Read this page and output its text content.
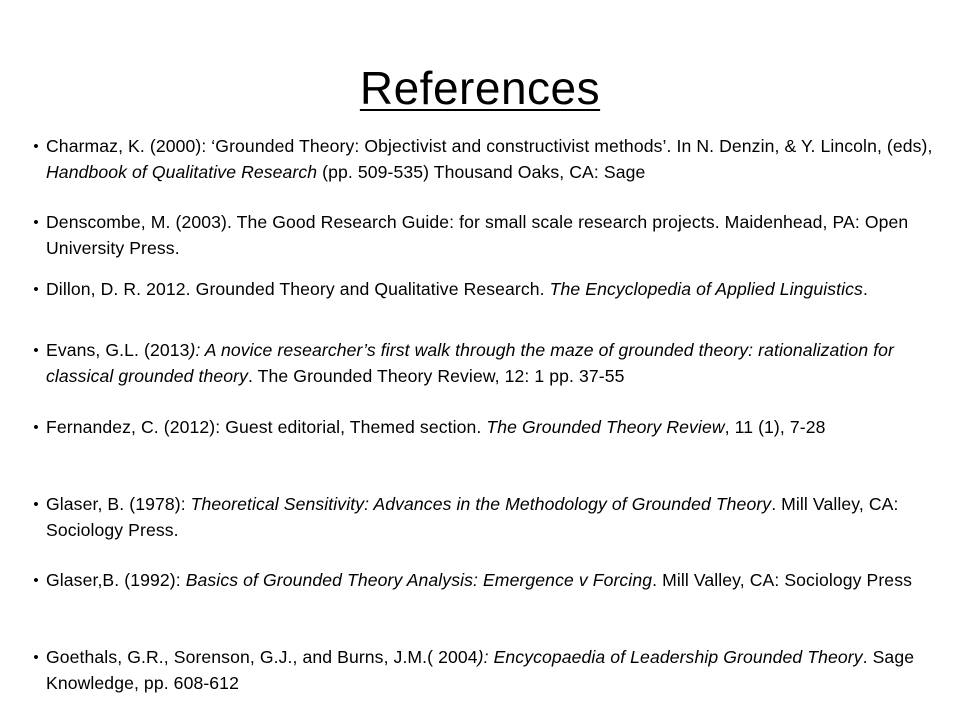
References
• Charmaz, K. (2000): ‘Grounded Theory: Objectivist and constructivist methods’. In N. Denzin, & Y. Lincoln, (eds), Handbook of Qualitative Research (pp. 509-535) Thousand Oaks, CA: Sage
• Denscombe, M. (2003). The Good Research Guide: for small scale research projects. Maidenhead, PA: Open University Press.
• Dillon, D. R. 2012. Grounded Theory and Qualitative Research. The Encyclopedia of Applied Linguistics.
• Evans, G.L. (2013): A novice researcher’s first walk through the maze of grounded theory: rationalization for classical grounded theory. The Grounded Theory Review, 12: 1 pp. 37-55
• Fernandez, C. (2012): Guest editorial, Themed section. The Grounded Theory Review, 11 (1), 7-28
• Glaser, B. (1978): Theoretical Sensitivity: Advances in the Methodology of Grounded Theory. Mill Valley, CA: Sociology Press.
• Glaser,B. (1992): Basics of Grounded Theory Analysis: Emergence v Forcing. Mill Valley, CA: Sociology Press
• Goethals, G.R., Sorenson, G.J., and Burns, J.M.( 2004): Encycopaedia of Leadership Grounded Theory. Sage Knowledge, pp. 608-612
